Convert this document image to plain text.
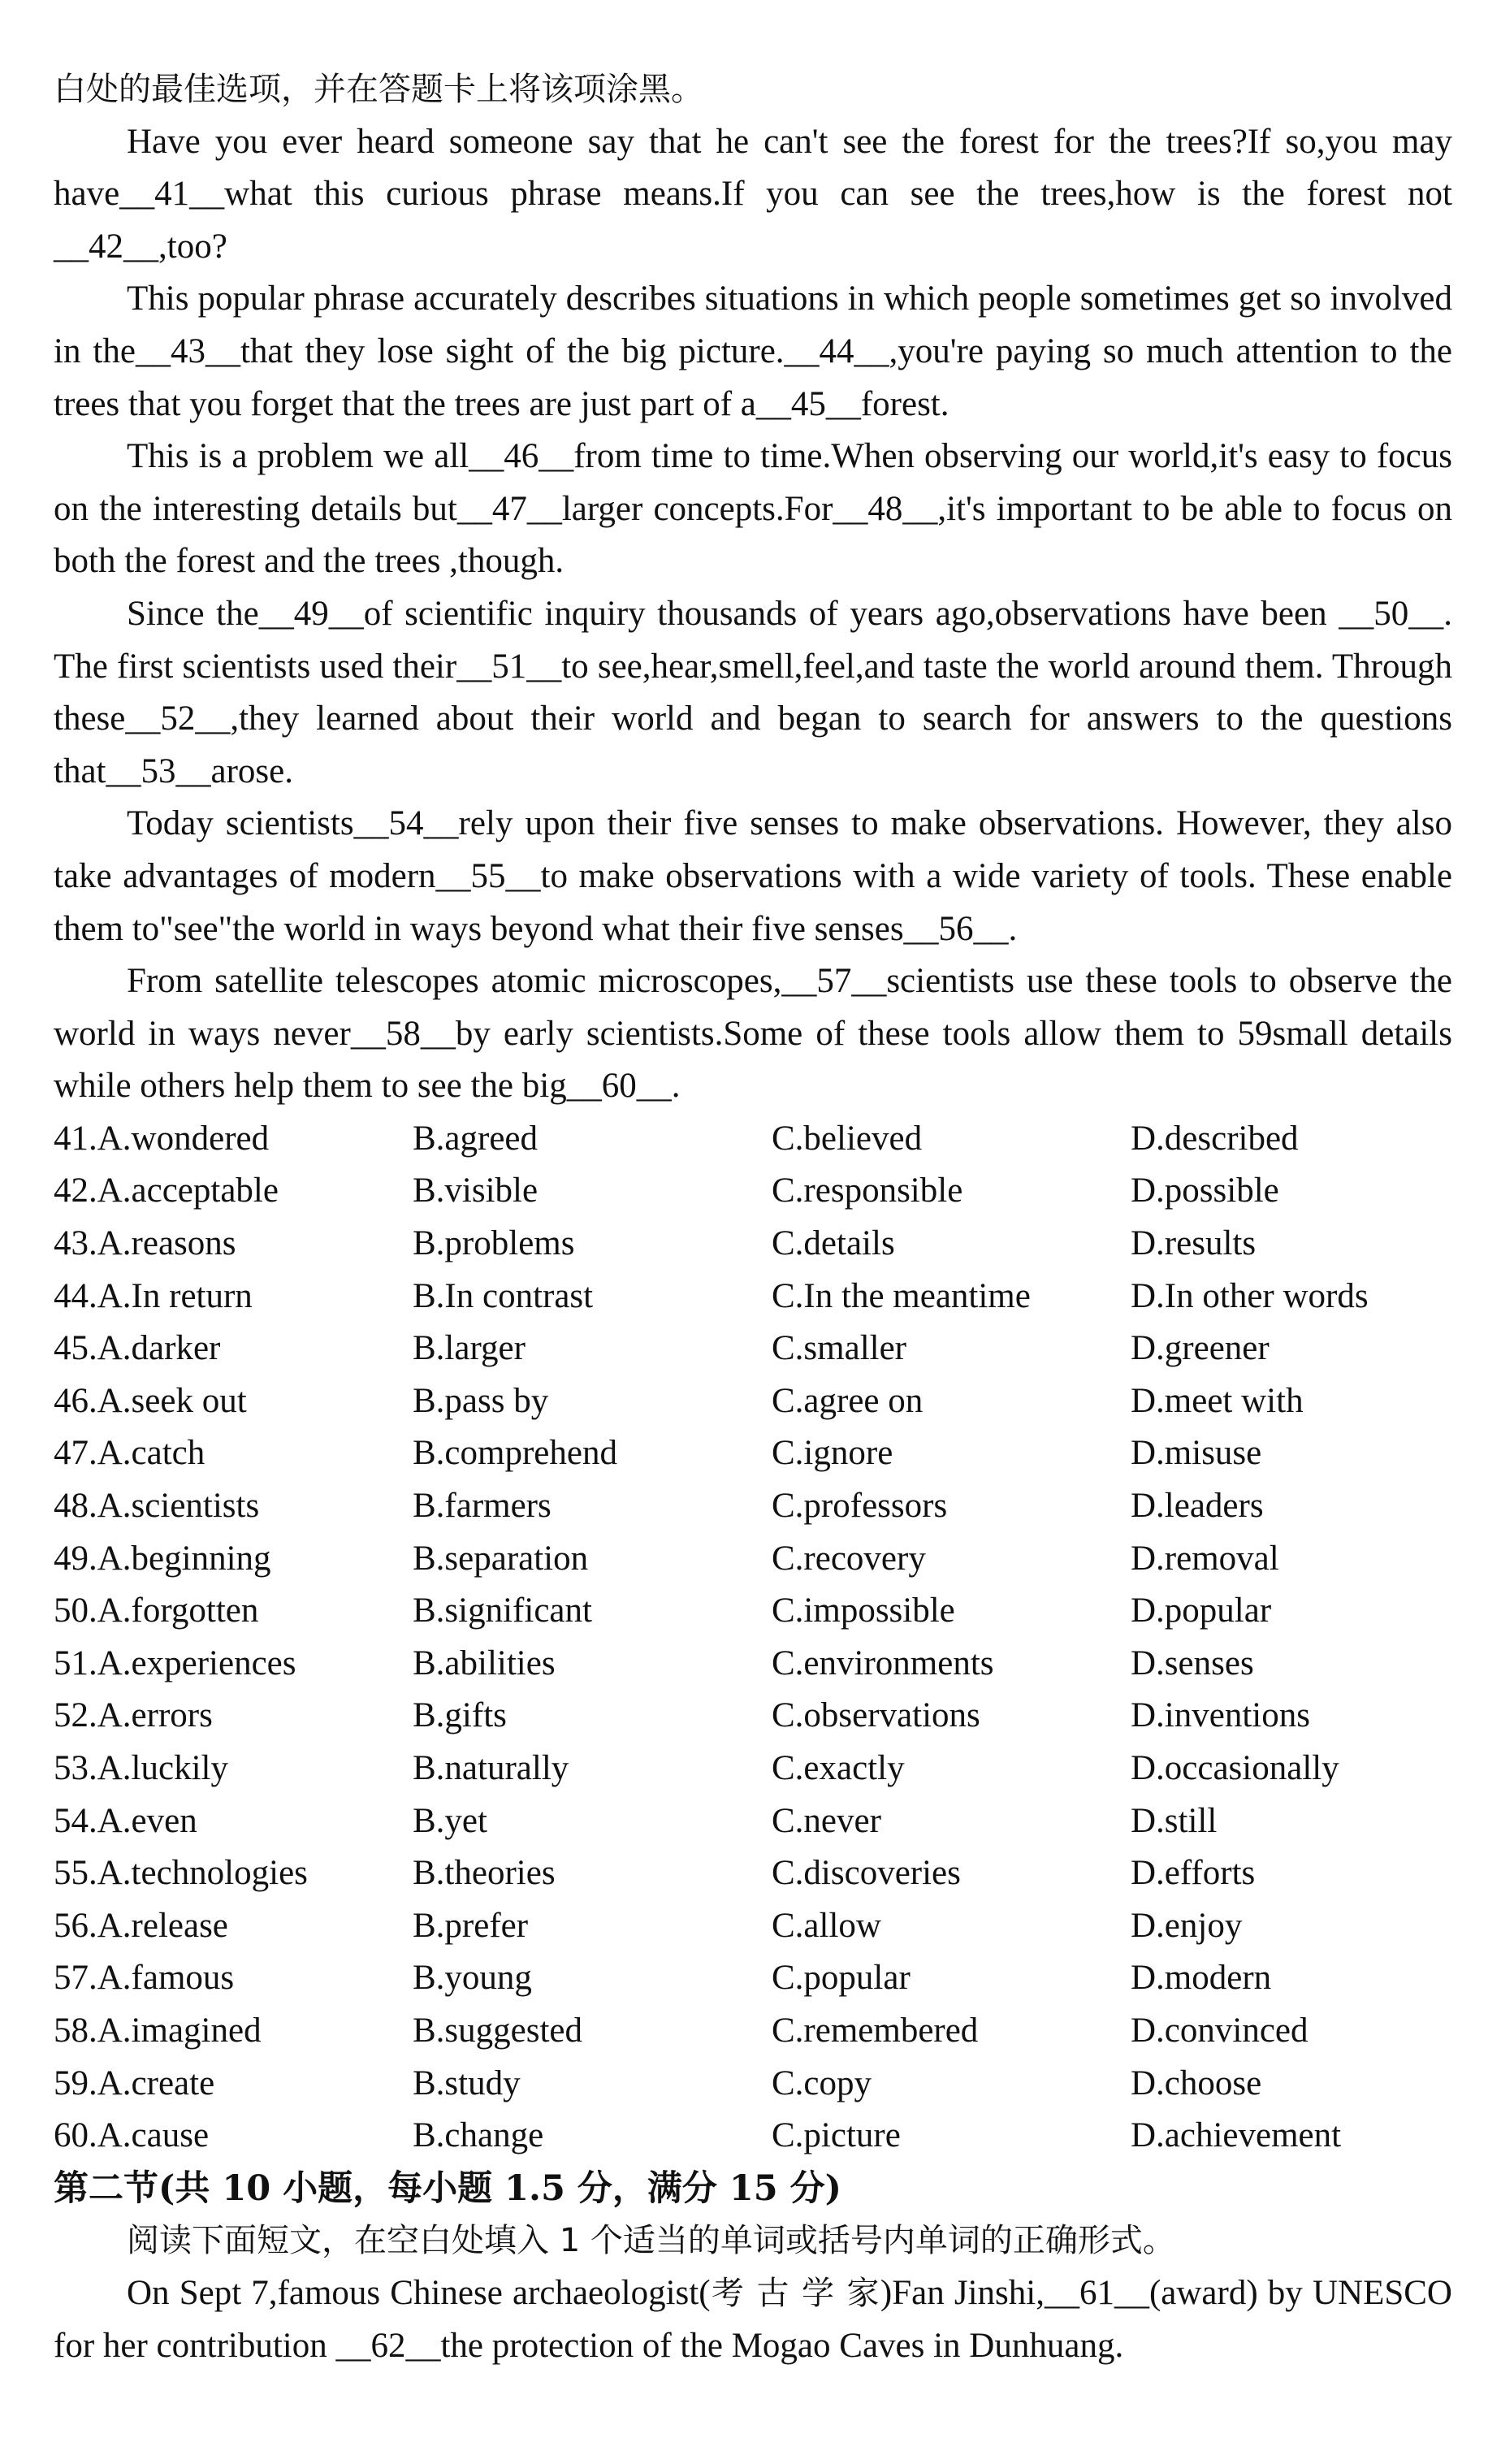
白处的最佳选项，并在答题卡上将该项涂黑。

Have you ever heard someone say that he can't see the forest for the trees?If so,you may have__41__what this curious phrase means.If you can see the trees,how is the forest not __42__,too?

This popular phrase accurately describes situations in which people sometimes get so involved in the__43__that they lose sight of the big picture.__44__,you're paying so much attention to the trees that you forget that the trees are just part of a__45__forest.

This is a problem we all__46__from time to time.When observing our world,it's easy to focus on the interesting details but__47__larger concepts.For__48__,it's important to be able to focus on both the forest and the trees ,though.

Since the__49__of scientific inquiry thousands of years ago,observations have been __50__. The first scientists used their__51__to see,hear,smell,feel,and taste the world around them. Through these__52__,they learned about their world and began to search for answers to the questions that__53__arose.

Today scientists__54__rely upon their five senses to make observations. However, they also take advantages of modern__55__to make observations with a wide variety of tools. These enable them to"see"the world in ways beyond what their five senses__56__.

From satellite telescopes atomic microscopes,__57__scientists use these tools to observe the world in ways never__58__by early scientists.Some of these tools allow them to 59small details while others help them to see the big__60__.

41.A.wondered	B.agreed	C.believed	D.described
42.A.acceptable	B.visible	C.responsible	D.possible
43.A.reasons	B.problems	C.details	D.results
44.A.In return	B.In contrast	C.In the meantime	D.In other words
45.A.darker	B.larger	C.smaller	D.greener
46.A.seek out	B.pass by	C.agree on	D.meet with
47.A.catch	B.comprehend	C.ignore	D.misuse
48.A.scientists	B.farmers	C.professors	D.leaders
49.A.beginning	B.separation	C.recovery	D.removal
50.A.forgotten	B.significant	C.impossible	D.popular
51.A.experiences	B.abilities	C.environments	D.senses
52.A.errors	B.gifts	C.observations	D.inventions
53.A.luckily	B.naturally	C.exactly	D.occasionally
54.A.even	B.yet	C.never	D.still
55.A.technologies	B.theories	C.discoveries	D.efforts
56.A.release	B.prefer	C.allow	D.enjoy
57.A.famous	B.young	C.popular	D.modern
58.A.imagined	B.suggested	C.remembered	D.convinced
59.A.create	B.study	C.copy	D.choose
60.A.cause	B.change	C.picture	D.achievement
第二节(共 10 小题，每小题 1.5 分，满分 15 分)
阅读下面短文，在空白处填入 1 个适当的单词或括号内单词的正确形式。

On Sept 7,famous Chinese archaeologist(考 古 学 家)Fan Jinshi,__61__(award) by UNESCO for her contribution __62__the protection of the Mogao Caves in Dunhuang.
